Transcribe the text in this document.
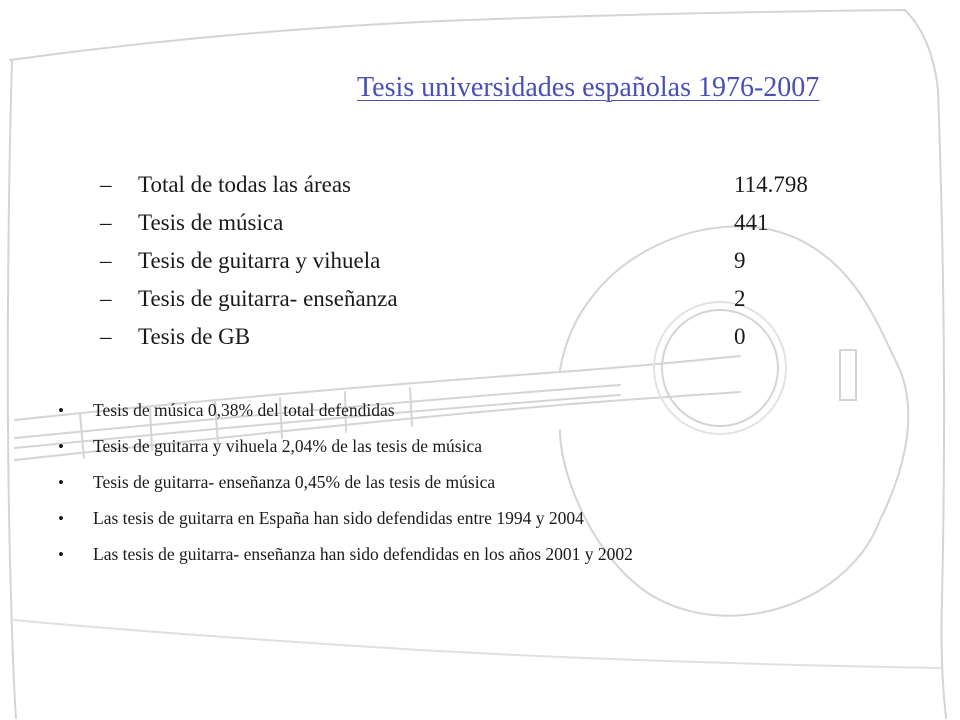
Tesis universidades españolas 1976-2007
–	Total de todas las áreas	114.798
–	Tesis de música	441
–	Tesis de guitarra y vihuela	9
–	Tesis de guitarra- enseñanza	2
–	Tesis de GB	0
•	Tesis de música 0,38% del total defendidas
•	Tesis de guitarra y vihuela 2,04% de las tesis de música
•	Tesis de guitarra- enseñanza 0,45% de las tesis de música
•	Las tesis de guitarra en España han sido defendidas entre 1994 y 2004
•	Las tesis de guitarra- enseñanza han sido defendidas en los años 2001 y 2002
